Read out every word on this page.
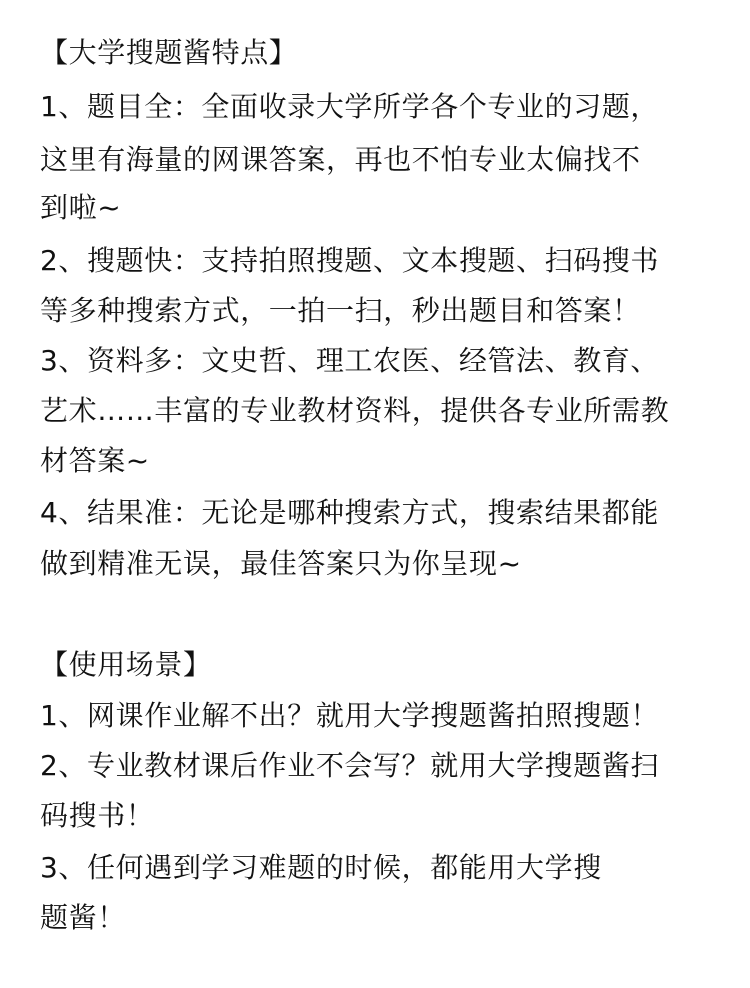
【大学搜题酱特点】
1、题目全：全面收录大学所学各个专业的习题，
这里有海量的网课答案，再也不怕专业太偏找不
到啦~
2、搜题快：支持拍照搜题、文本搜题、扫码搜书
等多种搜索方式，一拍一扫，秒出题目和答案！
3、资料多：文史哲、理工农医、经管法、教育、
艺术……丰富的专业教材资料，提供各专业所需教
材答案~
4、结果准：无论是哪种搜索方式，搜索结果都能
做到精准无误，最佳答案只为你呈现~
【使用场景】
1、网课作业解不出？就用大学搜题酱拍照搜题！
2、专业教材课后作业不会写？就用大学搜题酱扫
码搜书！
3、任何遇到学习难题的时候，都能用大学搜
题酱！
